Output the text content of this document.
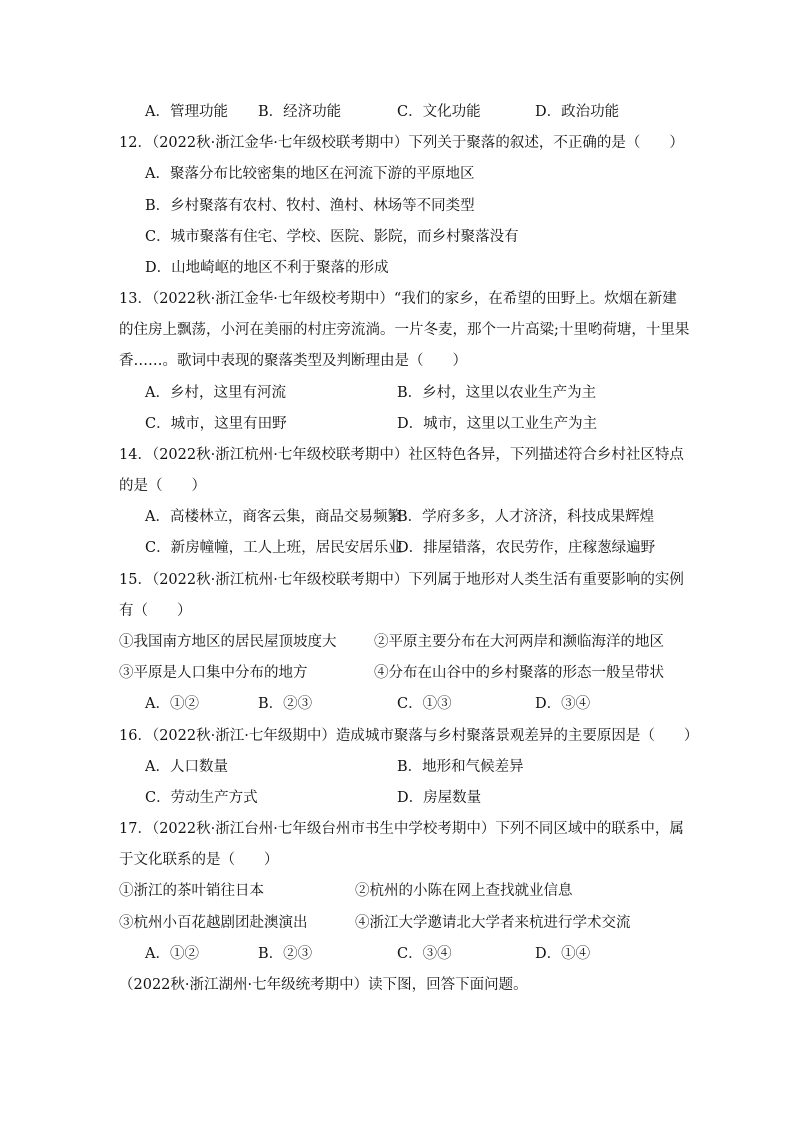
A．管理功能 B．经济功能	C．文化功能	D．政治功能
12．（2022秋·浙江金华·七年级校联考期中）下列关于聚落的叙述，不正确的是（　　）
A．聚落分布比较密集的地区在河流下游的平原地区
B．乡村聚落有农村、牧村、渔村、林场等不同类型
C．城市聚落有住宅、学校、医院、影院，而乡村聚落没有
D．山地崎岖的地区不利于聚落的形成
13．（2022秋·浙江金华·七年级校考期中）“我们的家乡，在希望的田野上。炊烟在新建
的住房上飘荡，小河在美丽的村庄旁流淌。一片冬麦，那个一片高粱;十里哟荷塘，十里果
香……。歌词中表现的聚落类型及判断理由是（　　）
A．乡村，这里有河流	B．乡村，这里以农业生产为主
C．城市，这里有田野	D．城市，这里以工业生产为主
14．（2022秋·浙江杭州·七年级校联考期中）社区特色各异，下列描述符合乡村社区特点
的是（　　）
A．高楼林立，商客云集，商品交易频繁
B．学府多多，人才济济，科技成果辉煌
C．新房幢幢，工人上班，居民安居乐业
D．排屋错落，农民劳作，庄稼葱绿遍野
15．（2022秋·浙江杭州·七年级校联考期中）下列属于地形对人类生活有重要影响的实例
有（　　）
①我国南方地区的居民屋顶坡度大	②平原主要分布在大河两岸和濒临海洋的地区
③平原是人口集中分布的地方	④分布在山谷中的乡村聚落的形态一般呈带状
A．①②	B．②③	C．①③	D．③④
16．（2022秋·浙江·七年级期中）造成城市聚落与乡村聚落景观差异的主要原因是（　　）
A．人口数量	B．地形和气候差异
C．劳动生产方式	D．房屋数量
17．（2022秋·浙江台州·七年级台州市书生中学校考期中）下列不同区域中的联系中，属
于文化联系的是（　　）
①浙江的茶叶销往日本	②杭州的小陈在网上查找就业信息
③杭州小百花越剧团赴澳演出	④浙江大学邀请北大学者来杭进行学术交流
A．①②	B．②③	C．③④	D．①④
（2022秋·浙江湖州·七年级统考期中）读下图，回答下面问题。
